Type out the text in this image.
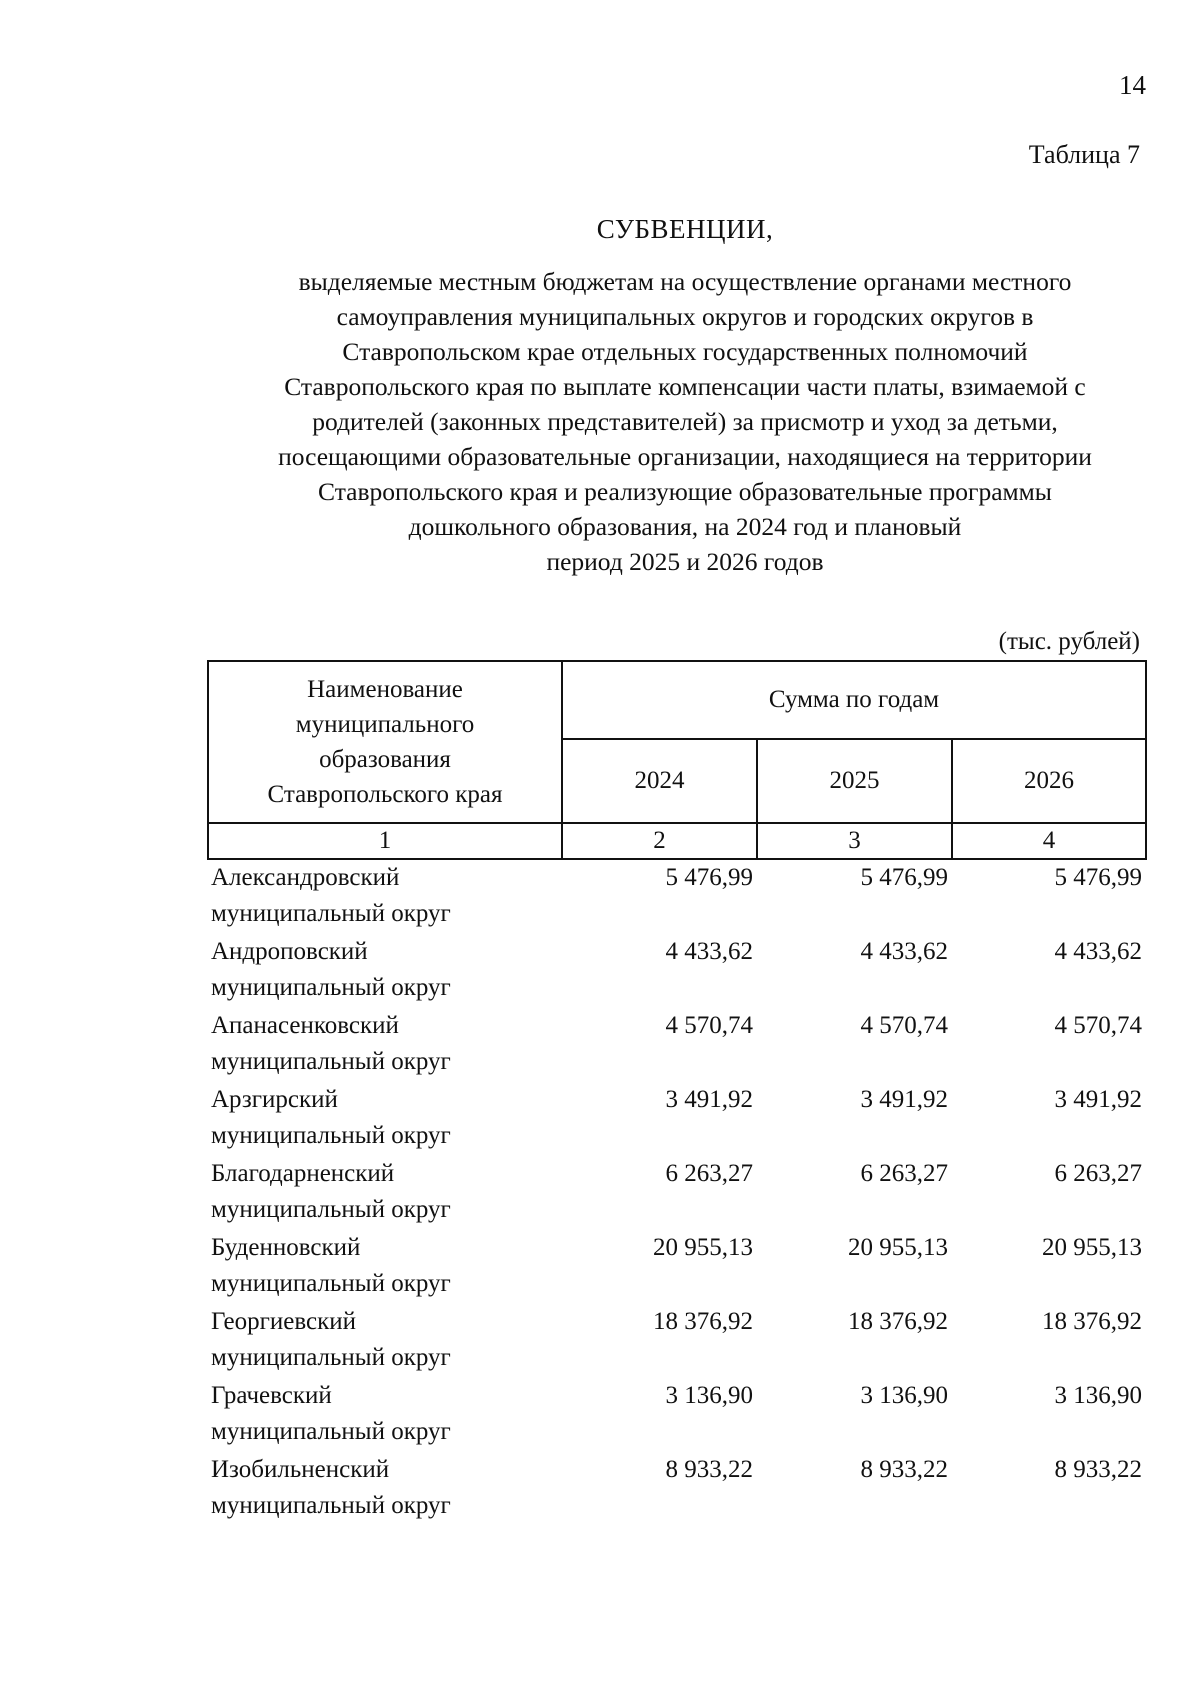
14
Таблица 7
СУБВЕНЦИИ,
выделяемые местным бюджетам на осуществление органами местного
самоуправления муниципальных округов и городских округов в
Ставропольском крае отдельных государственных полномочий
Ставропольского края по выплате компенсации части платы, взимаемой с
родителей (законных представителей) за присмотр и уход за детьми,
посещающими образовательные организации, находящиеся на территории
Ставропольского края и реализующие образовательные программы
дошкольного образования, на 2024 год и плановый
период 2025 и 2026 годов
(тыс. рублей)
Наименование
муниципального
образования
Ставропольского края	Сумма по годам		
	2024	2025	2026
1	2	3	4
Александровский
муниципальный округ	5 476,99	5 476,99	5 476,99
Андроповский
муниципальный округ	4 433,62	4 433,62	4 433,62
Апанасенковский
муниципальный округ	4 570,74	4 570,74	4 570,74
Арзгирский
муниципальный округ	3 491,92	3 491,92	3 491,92
Благодарненский
муниципальный округ	6 263,27	6 263,27	6 263,27
Буденновский
муниципальный округ	20 955,13	20 955,13	20 955,13
Георгиевский
муниципальный округ	18 376,92	18 376,92	18 376,92
Грачевский
муниципальный округ	3 136,90	3 136,90	3 136,90
Изобильненский
муниципальный округ	8 933,22	8 933,22	8 933,22
